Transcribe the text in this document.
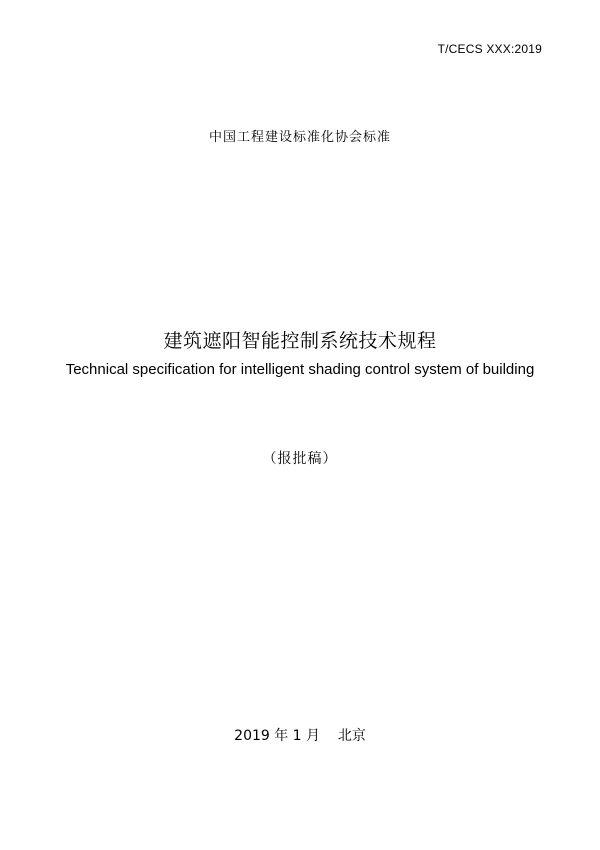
T/CECS XXX:2019
中国工程建设标准化协会标准
建筑遮阳智能控制系统技术规程
Technical specification for intelligent shading control system of building
（报批稿）
2019 年 1 月    北京
